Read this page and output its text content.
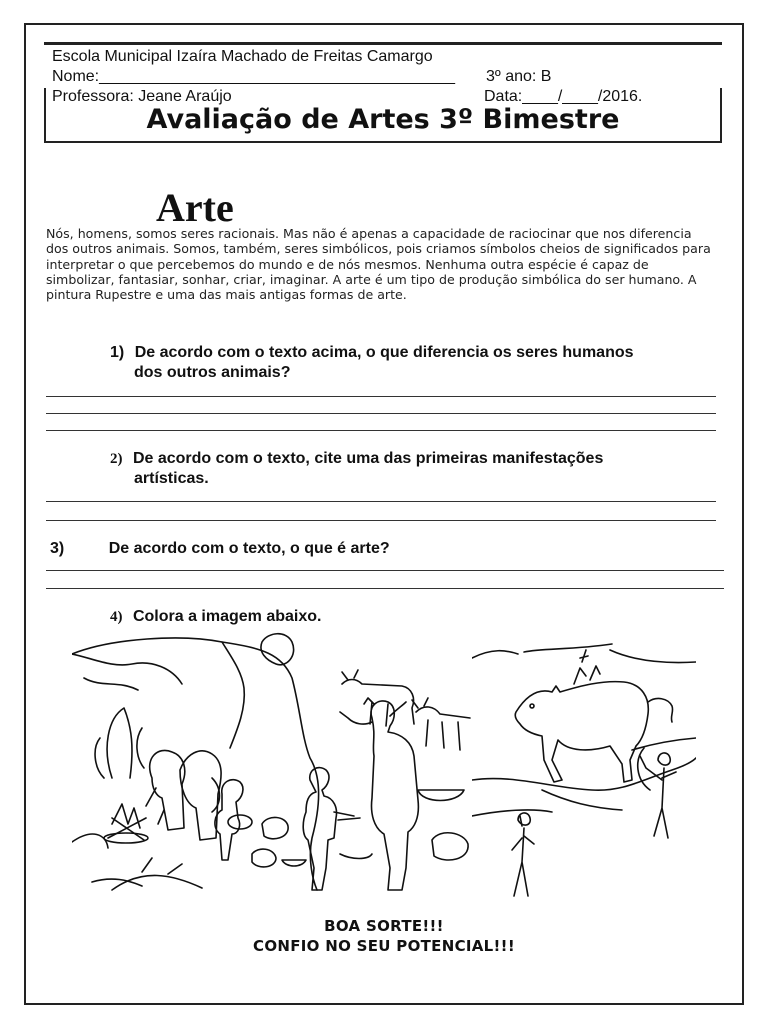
Escola Municipal Izaíra Machado de Freitas Camargo
Nome:________________________________________ 3º ano: B
Professora: Jeane Araújo	Data:____/____/2016.
Avaliação de Artes 3º Bimestre
Arte
Nós, homens, somos seres racionais. Mas não é apenas a capacidade de raciocinar que nos diferencia dos outros animais. Somos, também, seres simbólicos, pois criamos símbolos cheios de significados para interpretar o que percebemos do mundo e de nós mesmos. Nenhuma outra espécie é capaz de simbolizar, fantasiar, sonhar, criar, imaginar. A arte é um tipo de produção simbólica do ser humano. A pintura Rupestre e uma das mais antigas formas de arte.
1) De acordo com o texto acima, o que diferencia os seres humanos
dos outros animais?
2) De acordo com o texto, cite uma das primeiras manifestações
artísticas.
3)	De acordo com o texto, o que é arte?
4) Colora a imagem abaixo.
BOA SORTE!!!
CONFIO NO SEU POTENCIAL!!!
